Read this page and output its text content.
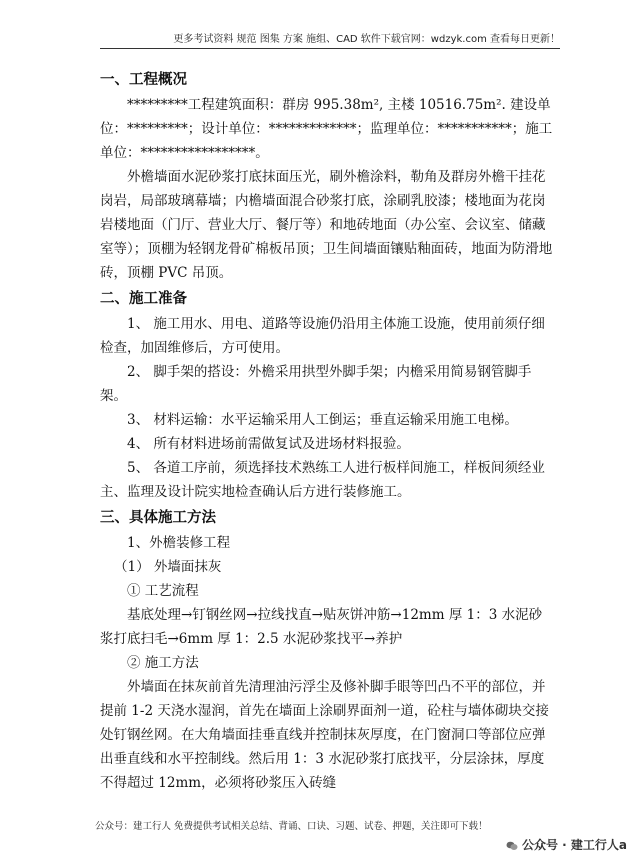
更多考试资料 规范 图集 方案 施组、CAD 软件下载官网：wdzyk.com 查看每日更新！

一、工程概况

*********工程建筑面积：群房 995.38m², 主楼 10516.75m². 建设单位：*********；设计单位：*************；监理单位：***********；施工单位：*****************。

外檐墙面水泥砂浆打底抹面压光，刷外檐涂料，勒角及群房外檐干挂花岗岩，局部玻璃幕墙；内檐墙面混合砂浆打底，涂刷乳胶漆；楼地面为花岗岩楼地面（门厅、营业大厅、餐厅等）和地砖地面（办公室、会议室、储藏室等）；顶棚为轻钢龙骨矿棉板吊顶；卫生间墙面镶贴釉面砖，地面为防滑地砖，顶棚 PVC 吊顶。

二、施工准备

1、 施工用水、用电、道路等设施仍沿用主体施工设施，使用前须仔细检查，加固维修后，方可使用。

2、 脚手架的搭设：外檐采用拱型外脚手架；内檐采用简易钢管脚手架。

3、 材料运输：水平运输采用人工倒运；垂直运输采用施工电梯。

4、 所有材料进场前需做复试及进场材料报验。

5、 各道工序前，须选择技术熟练工人进行板样间施工，样板间须经业主、监理及设计院实地检查确认后方进行装修施工。

三、具体施工方法

1、外檐装修工程

（1） 外墙面抹灰

① 工艺流程

基底处理→钉钢丝网→拉线找直→贴灰饼冲筋→12mm 厚 1：3 水泥砂浆打底扫毛→6mm 厚 1：2.5 水泥砂浆找平→养护

② 施工方法

外墙面在抹灰前首先清理油污浮尘及修补脚手眼等凹凸不平的部位，并提前 1-2 天浇水湿润，首先在墙面上涂刷界面剂一道，砼柱与墙体砌块交接处钉钢丝网。在大角墙面挂垂直线并控制抹灰厚度，在门窗洞口等部位应弹出垂直线和水平控制线。然后用 1：3 水泥砂浆打底找平，分层涂抹，厚度不得超过 12mm，必须将砂浆压入砖缝

公众号：建工行人 免费提供考试相关总结、背诵、口诀、习题、试卷、押题，关注即可下载！
公众号 · 建工行人a
